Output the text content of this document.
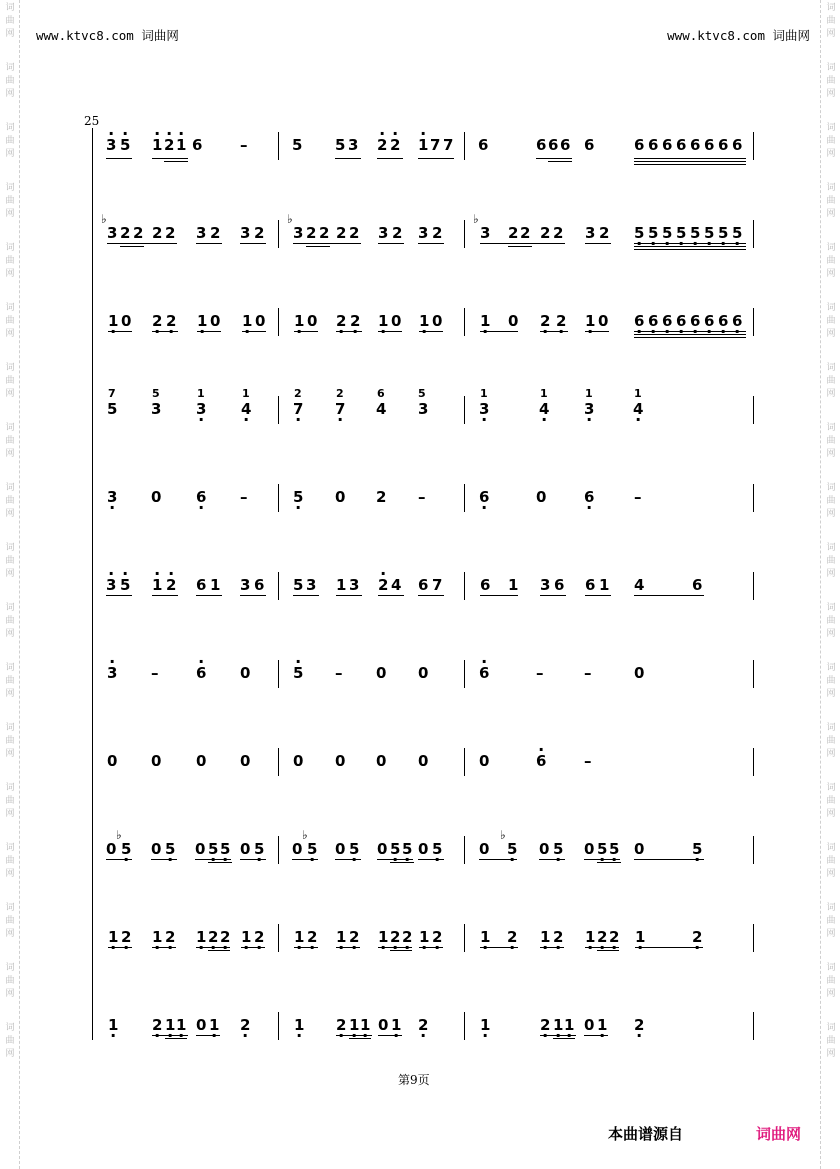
词
曲
网
词
曲
网
词
曲
网
词
曲
网
词
曲
网
词
曲
网
词
曲
网
词
曲
网
词
曲
网
词
曲
网
词
曲
网
词
曲
网
词
曲
网
词
曲
网
词
曲
网
词
曲
网
词
曲
网
词
曲
网
词
曲
网
词
曲
网
词
曲
网
词
曲
网
词
曲
网
词
曲
网
词
曲
网
词
曲
网
词
曲
网
词
曲
网
词
曲
网
词
曲
网
词
曲
网
词
曲
网
词
曲
网
词
曲
网
词
曲
网
词
曲
网
www.ktvc8.com 词曲网	www.ktvc8.com 词曲网
25
· 3 · 5 · 1 · 2 · 1 6	–	5 5 3 · 2 · 2 · 1 7 7 6	6 6 6 6	6 6 6 6 6 6 6 6
♭
3 2 2 2 2 3 2 3 2
♭
3 2 2 2 2 3 2 3 2
♭
3 2 2 2 2 3 2 5 · 5 · 5 · 5 · 5 · 5 · 5 · 5 ·
1 · 0 2 · 2 · 1 · 0 1 · 0 1 · 0 2 · 2 · 1 · 0 1 · 0	1 · 0 2 · 2 · 1 · 0 6 · 6 · 6 · 6 · 6 · 6 · 6 · 6 ·
7	5	1	1	2	2	6	5	1	1	1	1
5 3 3 · 4 ·	7 · 7 · 4 3	3 ·	4 · 3 ·	4 ·
3 · 0 6 · –	5 · 0 2 –	6 ·	0	6 ·	–
· 3 · 5 · 1 · 2 6 1 3 6 5 3 1 3 · 2 4 6 7	6 1 3 6 6 1 4	6
· 3 –	· 6 0	· 5 – 0 0	· 6	–	–	0
0 0 0 0	0 0 0 0	0	· 6	–
0
♭
5 · 0 5 · 0 5 · 5 · 0 5 · 0
♭
5 · 0 5 · 0 5 · 5 · 0 5 · 0
♭
5 · 0 5 · 0 5 · 5 · 0	5 ·
1 · 2 · 1 · 2 · 1 · 2 · 2 · 1 · 2 · 1 · 2 · 1 · 2 · 1 · 2 · 2 · 1 · 2 ·	1 · 2 · 1 · 2 · 1 · 2 · 2 · 1 ·	2 ·
1 · 2 · 1 · 1 · 0 1 · 2 ·	1 · 2 · 1 · 1 · 0 1 · 2 ·	1 ·	2 · 1 · 1 · 0 1 · 2 ·
第9页
本曲谱源自	词曲网
